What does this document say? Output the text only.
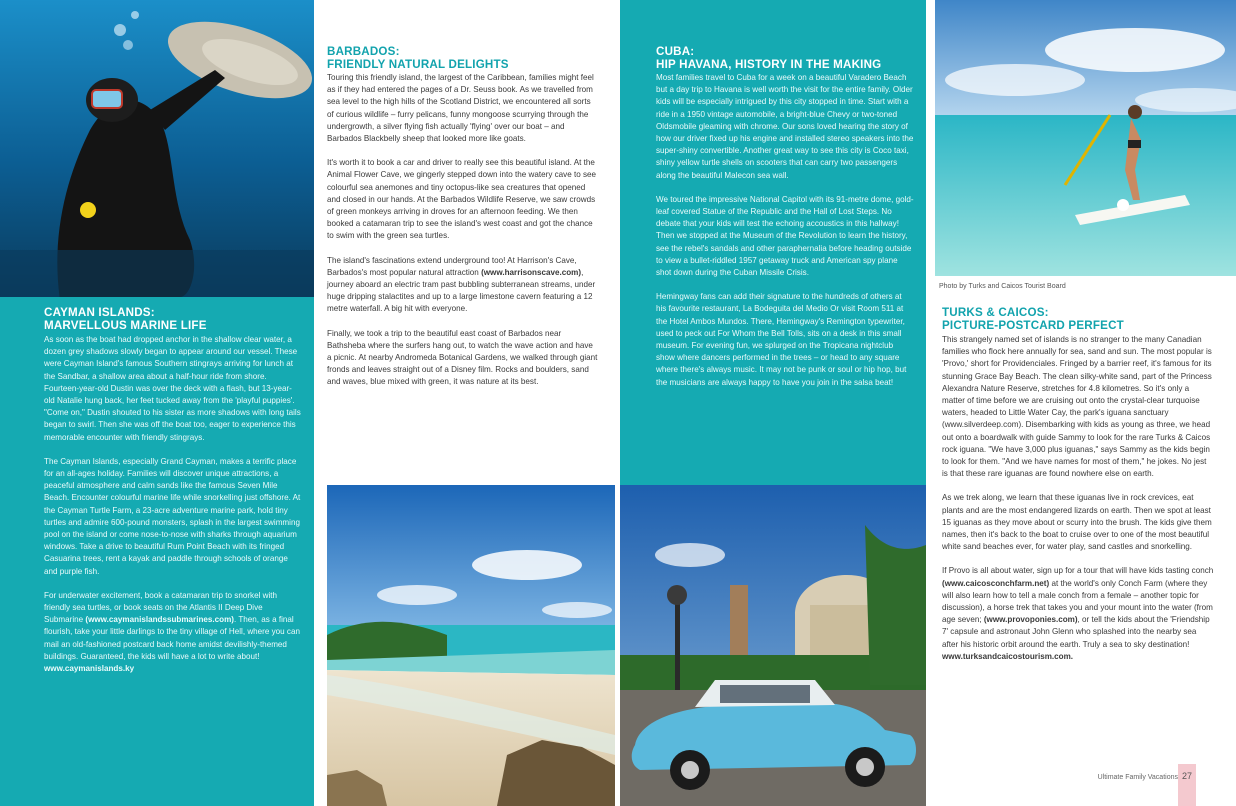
CAYMAN ISLANDS:
MARVELLOUS MARINE LIFE

As soon as the boat had dropped anchor in the shallow clear water, a dozen grey shadows slowly began to appear around our vessel. These were Cayman Island's famous Southern stingrays arriving for lunch at the Sandbar, a shallow area about a half-hour ride from shore. Fourteen-year-old Dustin was over the deck with a flash, but 13-year-old Natalie hung back, her feet tucked away from the 'playful puppies'. "Come on," Dustin shouted to his sister as more shadows with long tails began to swirl. Then she was off the boat too, eager to experience this memorable encounter with friendly stingrays.

The Cayman Islands, especially Grand Cayman, makes a terrific place for an all-ages holiday. Families will discover unique attractions, a peaceful atmosphere and calm sands like the famous Seven Mile Beach. Encounter colourful marine life while snorkelling just offshore. At the Cayman Turtle Farm, a 23-acre adventure marine park, hold tiny turtles and admire 600-pound monsters, splash in the largest swimming pool on the island or come nose-to-nose with sharks through aquarium windows. Take a drive to beautiful Rum Point Beach with its fringed Casuarina trees, rent a kayak and paddle through schools of orange and purple fish.

For underwater excitement, book a catamaran trip to snorkel with friendly sea turtles, or book seats on the Atlantis II Deep Dive Submarine (www.caymanislandssubmarines.com). Then, as a final flourish, take your little darlings to the tiny village of Hell, where you can mail an old-fashioned postcard back home amidst devilishly-themed buildings. Guaranteed, the kids will have a lot to write about!

www.caymanislands.ky
BARBADOS:
FRIENDLY NATURAL DELIGHTS

Touring this friendly island, the largest of the Caribbean, families might feel as if they had entered the pages of a Dr. Seuss book. As we travelled from sea level to the high hills of the Scotland District, we encountered all sorts of curious wildlife – furry pelicans, funny mongoose scurrying through the undergrowth, a silver flying fish actually 'flying' over our boat – and Barbados Blackbelly sheep that looked more like goats.

It's worth it to book a car and driver to really see this beautiful island. At the Animal Flower Cave, we gingerly stepped down into the watery cave to see colourful sea anemones and tiny octopus-like sea creatures that opened and closed in our hands. At the Barbados Wildlife Reserve, we saw crowds of green monkeys arriving in droves for an afternoon feeding. We then booked a catamaran trip to see the island's west coast and got the chance to swim with the green sea turtles.

The island's fascinations extend underground too! At Harrison's Cave, Barbados's most popular natural attraction (www.harrisonscave.com), journey aboard an electric tram past bubbling subterranean streams, under huge dripping stalactites and up to a large limestone cavern featuring a 12 metre waterfall. A big hit with everyone.

Finally, we took a trip to the beautiful east coast of Barbados near Bathsheba where the surfers hang out, to watch the wave action and have a picnic. At nearby Andromeda Botanical Gardens, we walked through giant fronds and leaves straight out of a Disney film. Rocks and boulders, sand and waves, blue mixed with green, it was nature at its best.

CUBA:
HIP HAVANA, HISTORY IN THE MAKING

Most families travel to Cuba for a week on a beautiful Varadero Beach but a day trip to Havana is well worth the visit for the entire family. Older kids will be especially intrigued by this city stopped in time. Start with a ride in a 1950 vintage automobile, a bright-blue Chevy or two-toned Oldsmobile gleaming with chrome. Our sons loved hearing the story of how our driver fixed up his engine and installed stereo speakers into the super-shiny convertible. Another great way to see this city is Coco taxi, shiny yellow turtle shells on scooters that can carry two passengers along the beautiful Malecon sea wall.

We toured the impressive National Capitol with its 91-metre dome, gold-leaf covered Statue of the Republic and the Hall of Lost Steps. No debate that your kids will test the echoing accoustics in this hallway! Then we stopped at the Museum of the Revolution to learn the history, see the rebel's sandals and other paraphernalia before heading outside to view a bullet-riddled 1957 getaway truck and American spy plane shot down during the Cuban Missile Crisis.

Hemingway fans can add their signature to the hundreds of others at his favourite restaurant, La Bodeguita del Medio Or visit Room 511 at the Hotel Ambos Mundos. There, Hemingway's Remington typewriter, used to peck out For Whom the Bell Tolls, sits on a desk in this small museum. For evening fun, we splurged on the Tropicana nightclub show where dancers performed in the trees – or head to any square where there's always music. It may not be punk or soul or hip hop, but the musicians are always happy to have you join in the salsa beat!

Photo by Turks and Caicos Tourist Board
TURKS & CAICOS:
PICTURE-POSTCARD PERFECT

This strangely named set of islands is no stranger to the many Canadian families who flock here annually for sea, sand and sun. The most popular is 'Provo,' short for Providenciales. Fringed by a barrier reef, it's famous for its stunning Grace Bay Beach. The clean silky-white sand, part of the Princess Alexandra Nature Reserve, stretches for 4.8 kilometres. So it's only a matter of time before we are cruising out onto the crystal-clear turquoise waters, headed to Little Water Cay, the park's iguana sanctuary (www.silverdeep.com). Disembarking with kids as young as three, we head out onto a boardwalk with guide Sammy to look for the rare Turks & Caicos rock iguana. "We have 3,000 plus iguanas," says Sammy as the kids begin to look for them. "And we have names for most of them," he jokes. No jest is that these rare iguanas are found nowhere else on earth.

As we trek along, we learn that these iguanas live in rock crevices, eat plants and are the most endangered lizards on earth. Then we spot at least 15 iguanas as they move about or scurry into the brush. The kids give them names, then it's back to the boat to cruise over to one of the most beautiful white sand beaches ever, for water play, sand castles and snorkelling.

If Provo is all about water, sign up for a tour that will have kids tasting conch (www.caicosconchfarm.net) at the world's only Conch Farm (where they will also learn how to tell a male conch from a female – another topic for discussion), a horse trek that takes you and your mount into the water (from age seven; (www.provoponies.com), or tell the kids about the 'Friendship 7' capsule and astronaut John Glenn who splashed into the nearby sea after his historic orbit around the earth. Truly a sea to sky destination!

www.turksandcaicostourism.com.
Ultimate Family Vacations 27
